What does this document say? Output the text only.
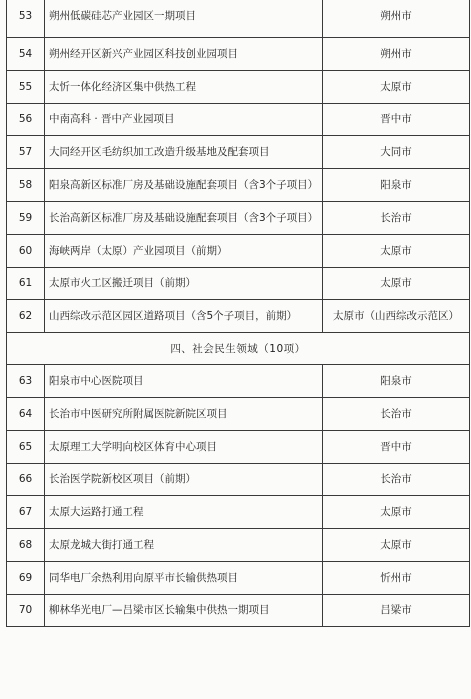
53	朔州低碳硅芯产业园区一期项目	朔州市
54	朔州经开区新兴产业园区科技创业园项目	朔州市
55	太忻一体化经济区集中供热工程	太原市
56	中南高科 · 晋中产业园项目	晋中市
57	大同经开区毛纺织加工改造升级基地及配套项目	大同市
58	阳泉高新区标准厂房及基础设施配套项目（含3个子项目）	阳泉市
59	长治高新区标准厂房及基础设施配套项目（含3个子项目）	长治市
60	海峡两岸（太原）产业园项目（前期）	太原市
61	太原市火工区搬迁项目（前期）	太原市
62	山西综改示范区园区道路项目（含5个子项目，前期）	太原市（山西综改示范区）
四、社会民生领域（10项）		
63	阳泉市中心医院项目	阳泉市
64	长治市中医研究所附属医院新院区项目	长治市
65	太原理工大学明向校区体育中心项目	晋中市
66	长治医学院新校区项目（前期）	长治市
67	太原大运路打通工程	太原市
68	太原龙城大街打通工程	太原市
69	同华电厂余热利用向原平市长输供热项目	忻州市
70	柳林华光电厂—吕梁市区长输集中供热一期项目	吕梁市
